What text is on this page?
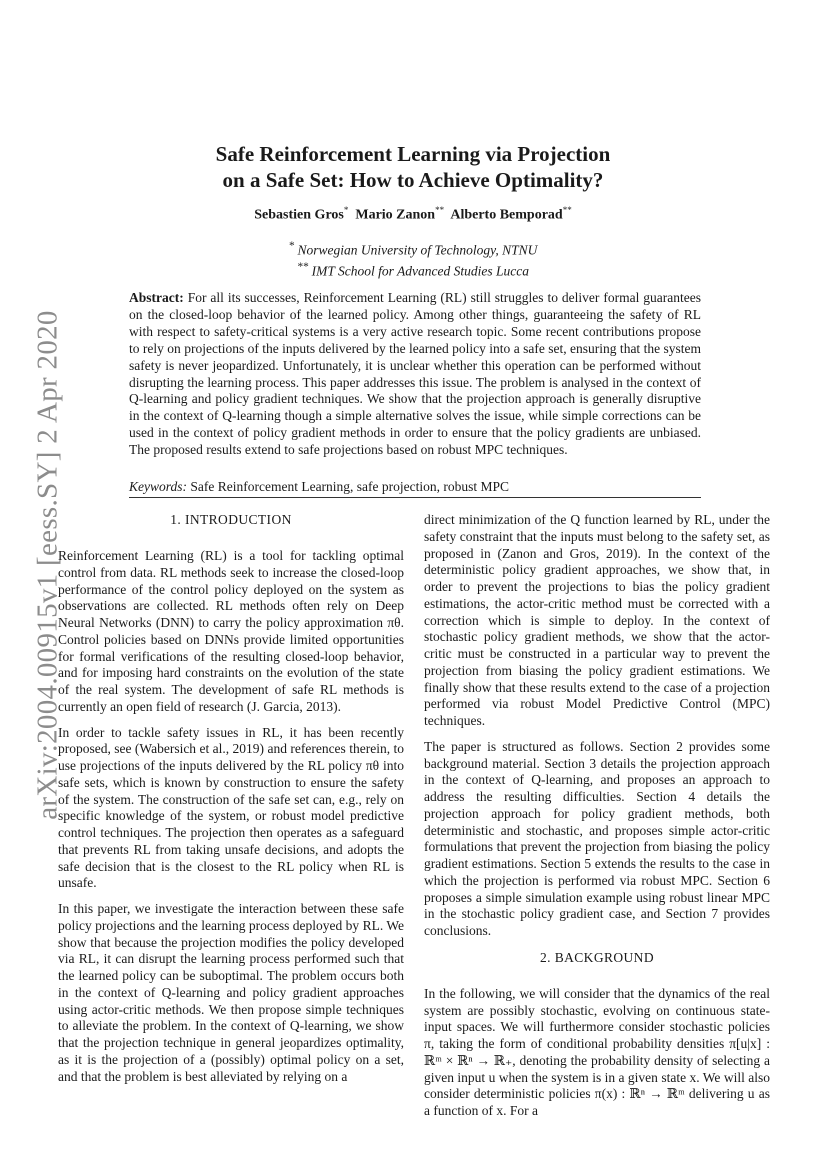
arXiv:2004.00915v1 [eess.SY] 2 Apr 2020
Safe Reinforcement Learning via Projection
on a Safe Set: How to Achieve Optimality?
Sebastien Gros* Mario Zanon** Alberto Bemporad**
* Norwegian University of Technology, NTNU
** IMT School for Advanced Studies Lucca
Abstract: For all its successes, Reinforcement Learning (RL) still struggles to deliver formal guarantees on the closed-loop behavior of the learned policy. Among other things, guaranteeing the safety of RL with respect to safety-critical systems is a very active research topic. Some recent contributions propose to rely on projections of the inputs delivered by the learned policy into a safe set, ensuring that the system safety is never jeopardized. Unfortunately, it is unclear whether this operation can be performed without disrupting the learning process. This paper addresses this issue. The problem is analysed in the context of Q-learning and policy gradient techniques. We show that the projection approach is generally disruptive in the context of Q-learning though a simple alternative solves the issue, while simple corrections can be used in the context of policy gradient methods in order to ensure that the policy gradients are unbiased. The proposed results extend to safe projections based on robust MPC techniques.
Keywords: Safe Reinforcement Learning, safe projection, robust MPC
1. INTRODUCTION

Reinforcement Learning (RL) is a tool for tackling optimal control from data. RL methods seek to increase the closed-loop performance of the control policy deployed on the system as observations are collected. RL methods often rely on Deep Neural Networks (DNN) to carry the policy approximation πθ. Control policies based on DNNs provide limited opportunities for formal verifications of the resulting closed-loop behavior, and for imposing hard constraints on the evolution of the state of the real system. The development of safe RL methods is currently an open field of research (J. Garcia, 2013).

In order to tackle safety issues in RL, it has been recently proposed, see (Wabersich et al., 2019) and references therein, to use projections of the inputs delivered by the RL policy πθ into safe sets, which is known by construction to ensure the safety of the system. The construction of the safe set can, e.g., rely on specific knowledge of the system, or robust model predictive control techniques. The projection then operates as a safeguard that prevents RL from taking unsafe decisions, and adopts the safe decision that is the closest to the RL policy when RL is unsafe.

In this paper, we investigate the interaction between these safe policy projections and the learning process deployed by RL. We show that because the projection modifies the policy developed via RL, it can disrupt the learning process performed such that the learned policy can be suboptimal. The problem occurs both in the context of Q-learning and policy gradient approaches using actor-critic methods. We then propose simple techniques to alleviate the problem. In the context of Q-learning, we show that the projection technique in general jeopardizes optimality, as it is the projection of a (possibly) optimal policy on a set, and that the problem is best alleviated by relying on a

direct minimization of the Q function learned by RL, under the safety constraint that the inputs must belong to the safety set, as proposed in (Zanon and Gros, 2019). In the context of the deterministic policy gradient approaches, we show that, in order to prevent the projections to bias the policy gradient estimations, the actor-critic method must be corrected with a correction which is simple to deploy. In the context of stochastic policy gradient methods, we show that the actor-critic must be constructed in a particular way to prevent the projection from biasing the policy gradient estimations. We finally show that these results extend to the case of a projection performed via robust Model Predictive Control (MPC) techniques.

The paper is structured as follows. Section 2 provides some background material. Section 3 details the projection approach in the context of Q-learning, and proposes an approach to address the resulting difficulties. Section 4 details the projection approach for policy gradient methods, both deterministic and stochastic, and proposes simple actor-critic formulations that prevent the projection from biasing the policy gradient estimations. Section 5 extends the results to the case in which the projection is performed via robust MPC. Section 6 proposes a simple simulation example using robust linear MPC in the stochastic policy gradient case, and Section 7 provides conclusions.

2. BACKGROUND

In the following, we will consider that the dynamics of the real system are possibly stochastic, evolving on continuous state-input spaces. We will furthermore consider stochastic policies π, taking the form of conditional probability densities π[u|x] : ℝᵐ × ℝⁿ → ℝ₊, denoting the probability density of selecting a given input u when the system is in a given state x. We will also consider deterministic policies π(x) : ℝⁿ → ℝᵐ delivering u as a function of x. For a
